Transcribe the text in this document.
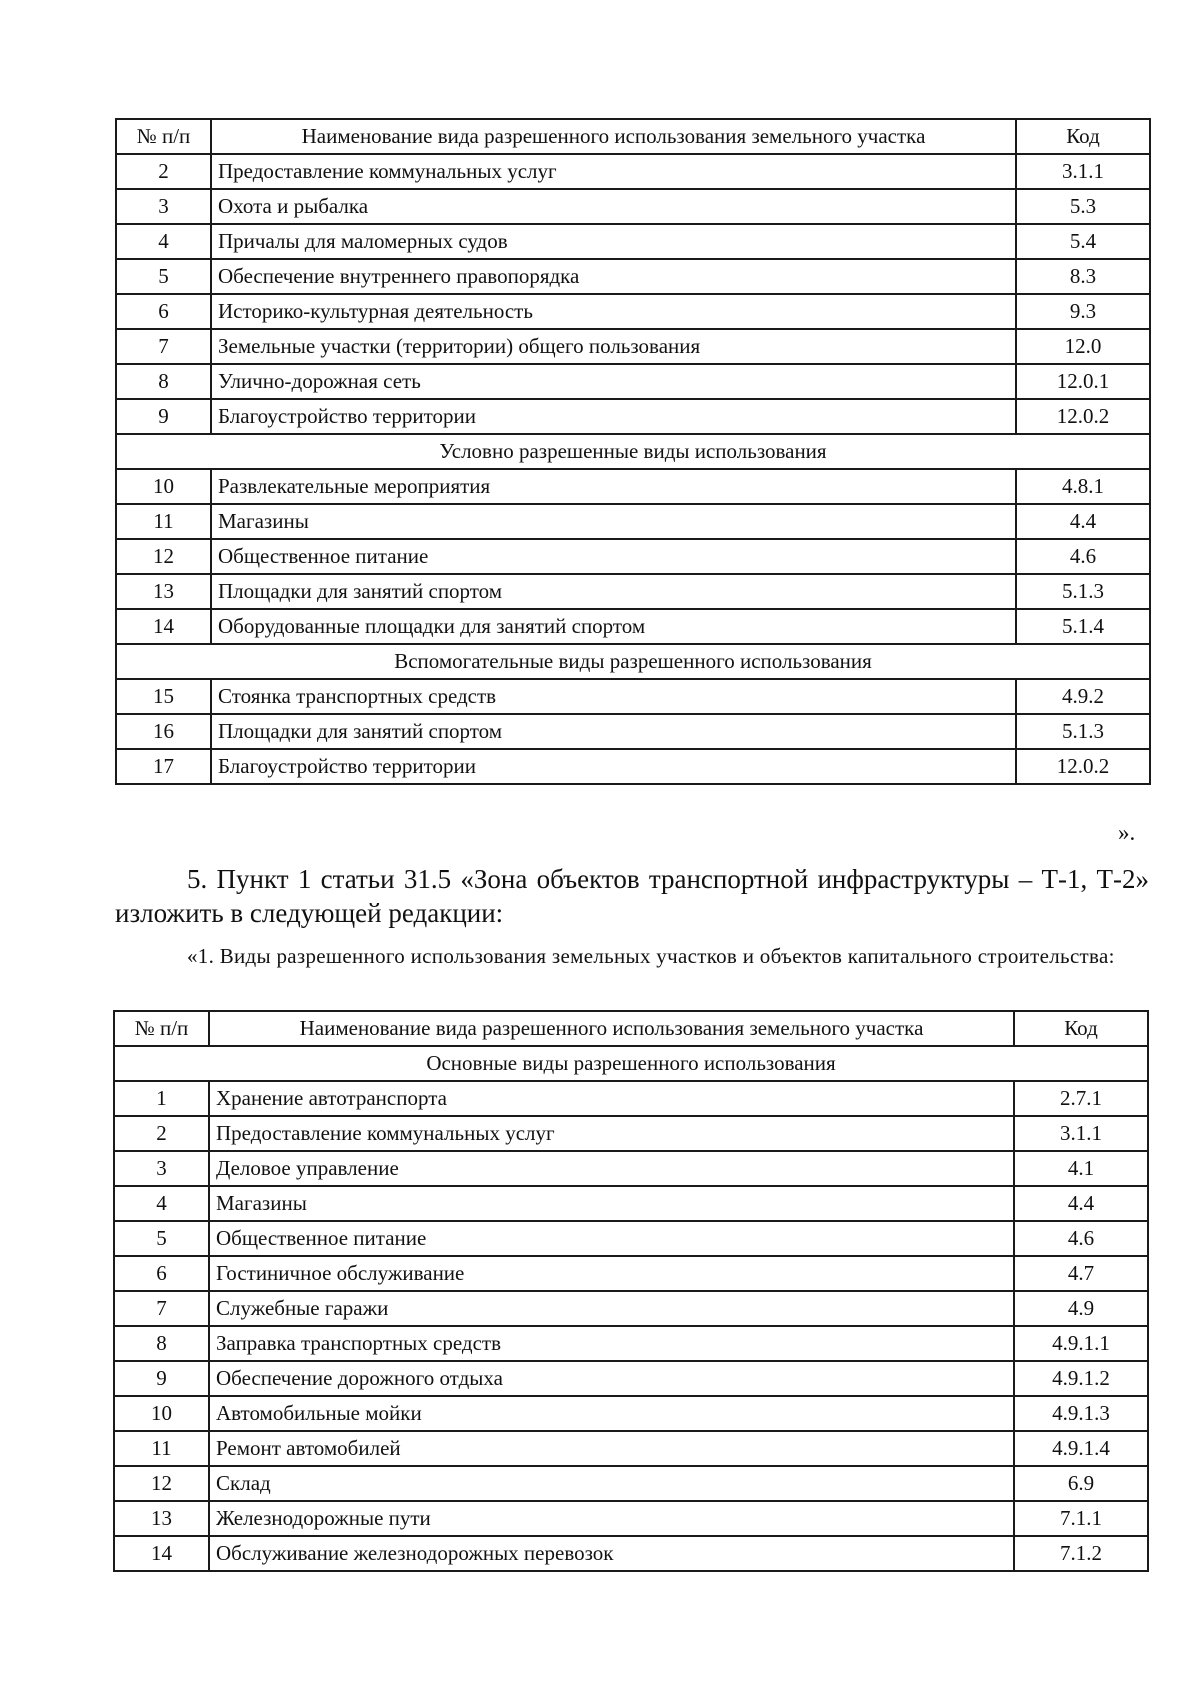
№ п/п	Наименование вида разрешенного использования земельного участка	Код
2	Предоставление коммунальных услуг	3.1.1
3	Охота и рыбалка	5.3
4	Причалы для маломерных судов	5.4
5	Обеспечение внутреннего правопорядка	8.3
6	Историко-культурная деятельность	9.3
7	Земельные участки (территории) общего пользования	12.0
8	Улично-дорожная сеть	12.0.1
9	Благоустройство территории	12.0.2
Условно разрешенные виды использования		
10	Развлекательные мероприятия	4.8.1
11	Магазины	4.4
12	Общественное питание	4.6
13	Площадки для занятий спортом	5.1.3
14	Оборудованные площадки для занятий спортом	5.1.4
Вспомогательные виды разрешенного использования		
15	Стоянка транспортных средств	4.9.2
16	Площадки для занятий спортом	5.1.3
17	Благоустройство территории	12.0.2
».

5. Пункт 1 статьи 31.5 «Зона объектов транспортной инфраструктуры – Т-1, Т-2» изложить в следующей редакции:

«1. Виды разрешенного использования земельных участков и объектов капитального строительства:

№ п/п	Наименование вида разрешенного использования земельного участка	Код
Основные виды разрешенного использования		
1	Хранение автотранспорта	2.7.1
2	Предоставление коммунальных услуг	3.1.1
3	Деловое управление	4.1
4	Магазины	4.4
5	Общественное питание	4.6
6	Гостиничное обслуживание	4.7
7	Служебные гаражи	4.9
8	Заправка транспортных средств	4.9.1.1
9	Обеспечение дорожного отдыха	4.9.1.2
10	Автомобильные мойки	4.9.1.3
11	Ремонт автомобилей	4.9.1.4
12	Склад	6.9
13	Железнодорожные пути	7.1.1
14	Обслуживание железнодорожных перевозок	7.1.2
